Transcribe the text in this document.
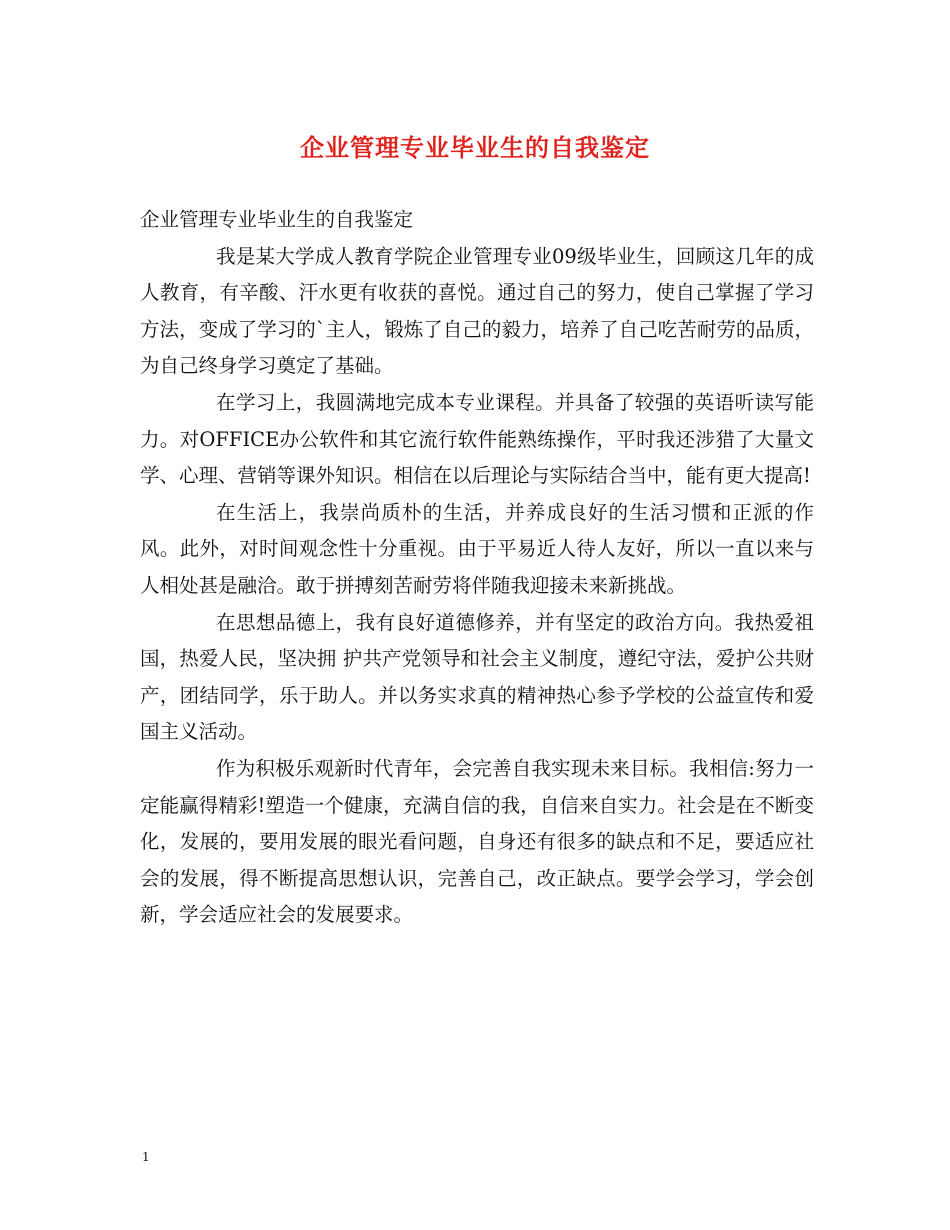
企业管理专业毕业生的自我鉴定

企业管理专业毕业生的自我鉴定

我是某大学成人教育学院企业管理专业09级毕业生，回顾这几年的成人教育，有辛酸、汗水更有收获的喜悦。通过自己的努力，使自己掌握了学习方法，变成了学习的`主人，锻炼了自己的毅力，培养了自己吃苦耐劳的品质，为自己终身学习奠定了基础。

在学习上，我圆满地完成本专业课程。并具备了较强的英语听读写能力。对OFFICE办公软件和其它流行软件能熟练操作，平时我还涉猎了大量文学、心理、营销等课外知识。相信在以后理论与实际结合当中，能有更大提高!

在生活上，我崇尚质朴的生活，并养成良好的生活习惯和正派的作风。此外，对时间观念性十分重视。由于平易近人待人友好，所以一直以来与人相处甚是融洽。敢于拼搏刻苦耐劳将伴随我迎接未来新挑战。

在思想品德上，我有良好道德修养，并有坚定的政治方向。我热爱祖国，热爱人民，坚决拥 护共产党领导和社会主义制度，遵纪守法，爱护公共财产，团结同学，乐于助人。并以务实求真的精神热心参予学校的公益宣传和爱国主义活动。

作为积极乐观新时代青年，会完善自我实现未来目标。我相信:努力一定能赢得精彩!塑造一个健康，充满自信的我，自信来自实力。社会是在不断变化，发展的，要用发展的眼光看问题，自身还有很多的缺点和不足，要适应社会的发展，得不断提高思想认识，完善自己，改正缺点。要学会学习，学会创新，学会适应社会的发展要求。

1
